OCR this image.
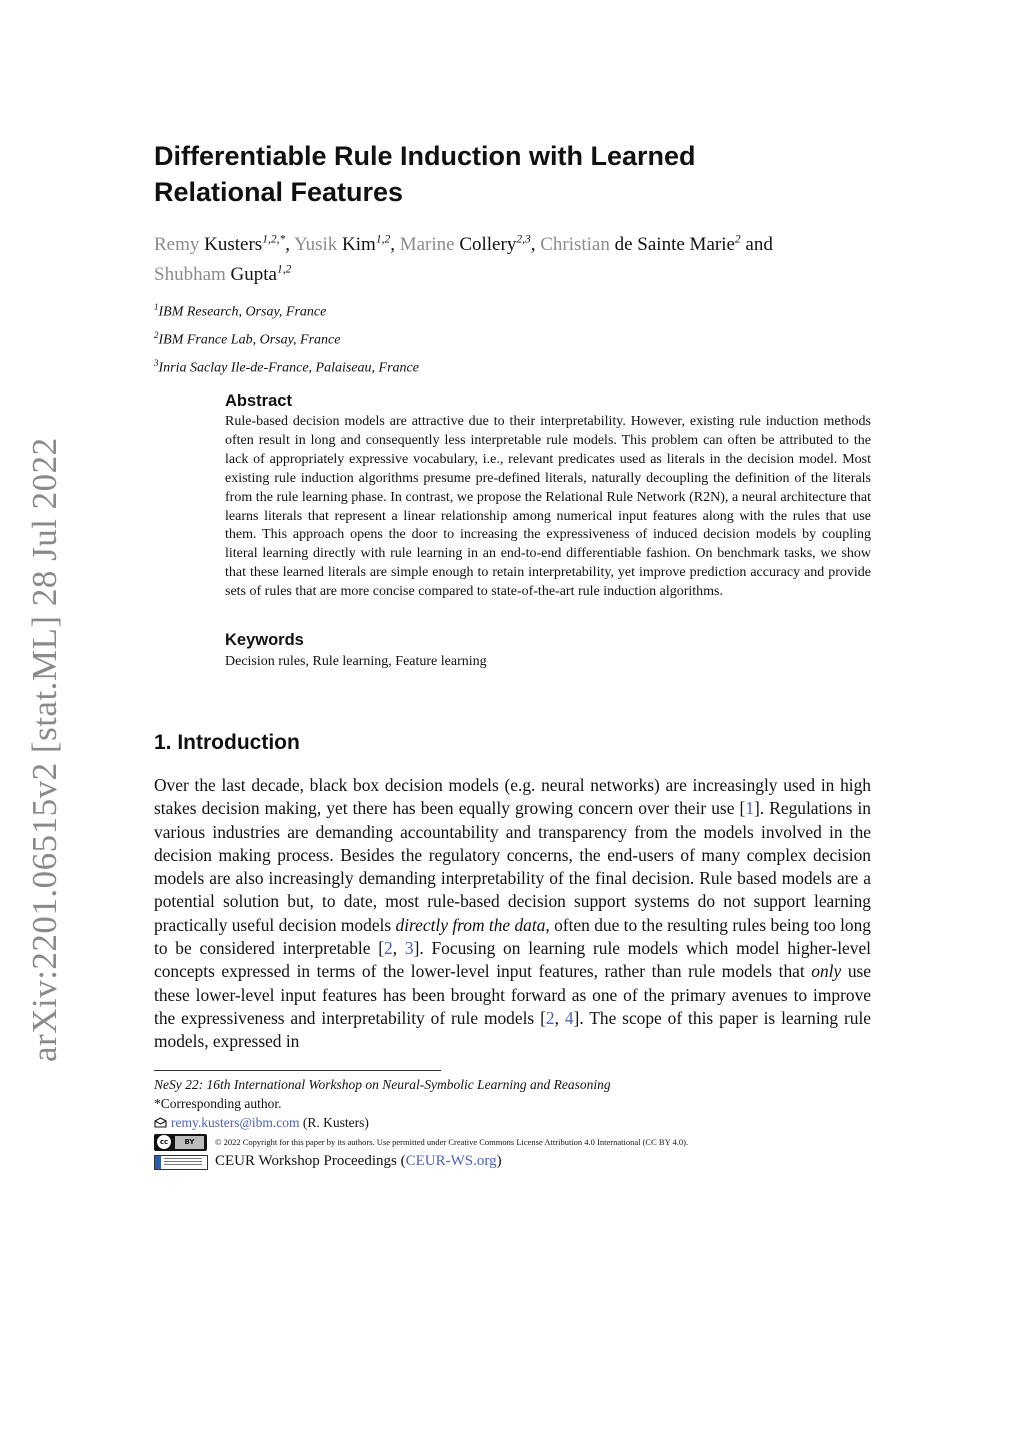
arXiv:2201.06515v2 [stat.ML] 28 Jul 2022
Differentiable Rule Induction with Learned
Relational Features
Remy Kusters$^{1,2,*}$, Yusik Kim$^{1,2}$, Marine Collery$^{2,3}$, Christian de Sainte Marie$^2$ and
Shubham Gupta$^{1,2}$
$^1$IBM Research, Orsay, France
$^2$IBM France Lab, Orsay, France
$^3$Inria Saclay Ile-de-France, Palaiseau, France
Abstract

Rule-based decision models are attractive due to their interpretability. However, existing rule induction methods often result in long and consequently less interpretable rule models. This problem can often be attributed to the lack of appropriately expressive vocabulary, i.e., relevant predicates used as literals in the decision model. Most existing rule induction algorithms presume pre-defined literals, naturally decoupling the definition of the literals from the rule learning phase. In contrast, we propose the Relational Rule Network (R2N), a neural architecture that learns literals that represent a linear relationship among numerical input features along with the rules that use them. This approach opens the door to increasing the expressiveness of induced decision models by coupling literal learning directly with rule learning in an end-to-end differentiable fashion. On benchmark tasks, we show that these learned literals are simple enough to retain interpretability, yet improve prediction accuracy and provide sets of rules that are more concise compared to state-of-the-art rule induction algorithms.

Keywords

Decision rules, Rule learning, Feature learning

1. Introduction

Over the last decade, black box decision models (e.g. neural networks) are increasingly used in high stakes decision making, yet there has been equally growing concern over their use [1]. Regulations in various industries are demanding accountability and transparency from the models involved in the decision making process. Besides the regulatory concerns, the end-users of many complex decision models are also increasingly demanding interpretability of the final decision. Rule based models are a potential solution but, to date, most rule-based decision support systems do not support learning practically useful decision models directly from the data, often due to the resulting rules being too long to be considered interpretable [2, 3]. Focusing on learning rule models which model higher-level concepts expressed in terms of the lower-level input features, rather than rule models that only use these lower-level input features has been brought forward as one of the primary avenues to improve the expressiveness and interpretability of rule models [2, 4]. The scope of this paper is learning rule models, expressed in

NeSy 22: 16th International Workshop on Neural-Symbolic Learning and Reasoning
*Corresponding author.
remy.kusters@ibm.com (R. Kusters)
cc	BY	© 2022 Copyright for this paper by its authors. Use permitted under Creative Commons License Attribution 4.0 International (CC BY 4.0).
CEUR Workshop Proceedings (CEUR-WS.org)
